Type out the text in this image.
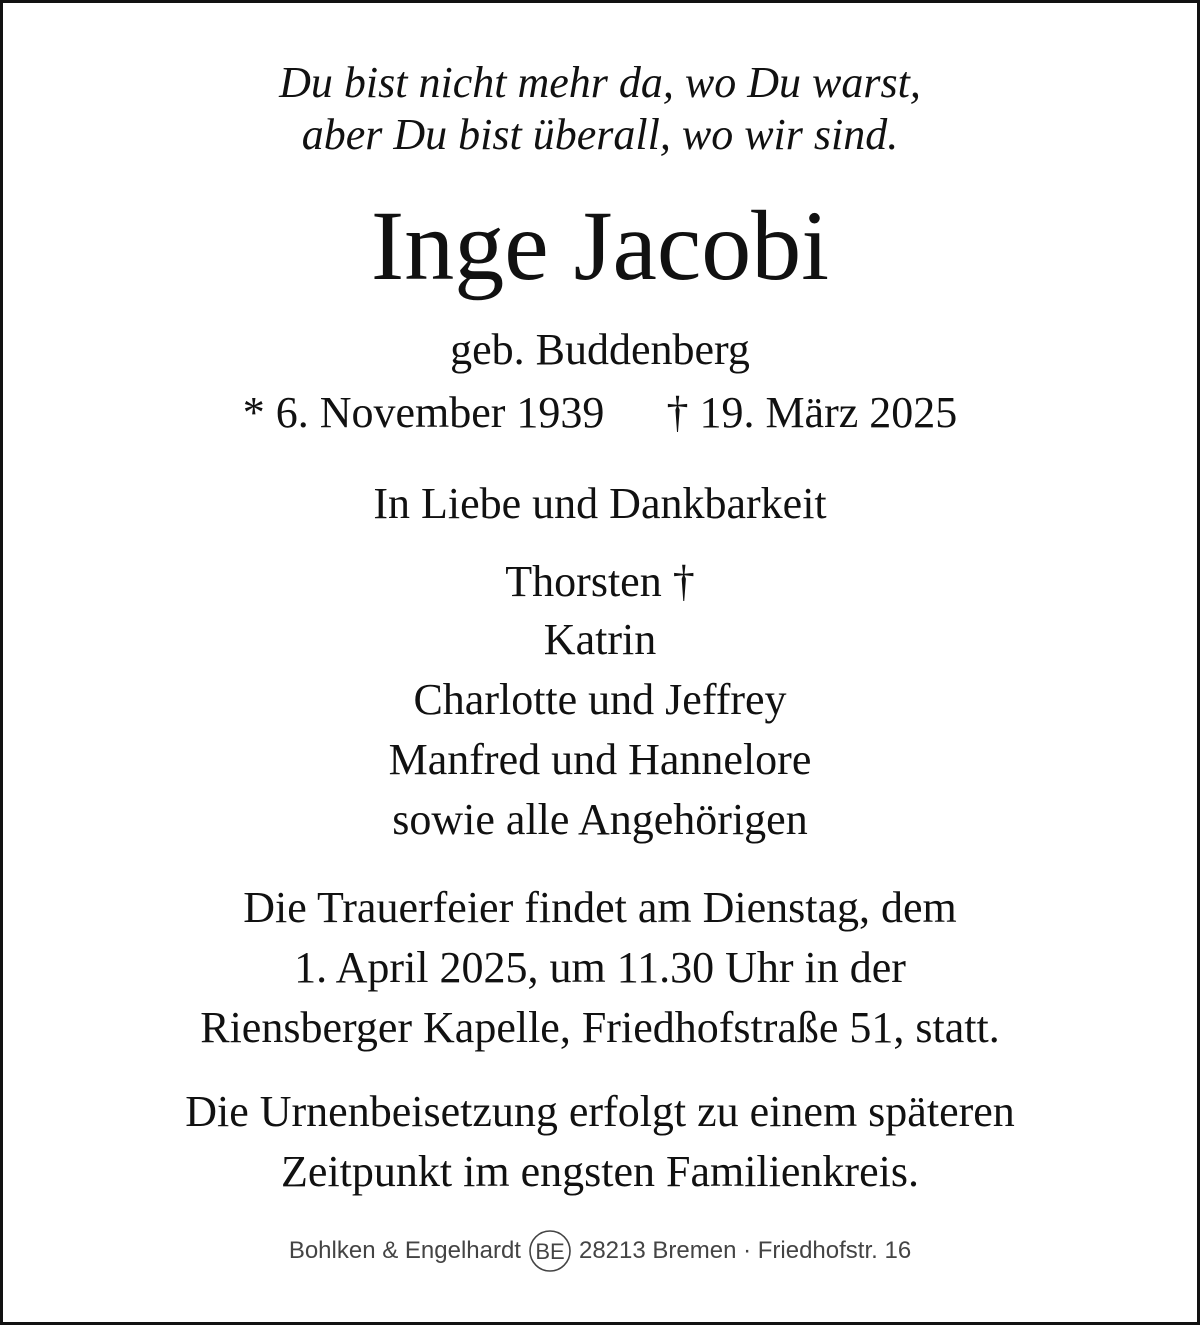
Du bist nicht mehr da, wo Du warst,
aber Du bist überall, wo wir sind.
Inge Jacobi
geb. Buddenberg
* 6. November 1939 † 19. März 2025
In Liebe und Dankbarkeit
Thorsten †
Katrin
Charlotte und Jeffrey
Manfred und Hannelore
sowie alle Angehörigen
Die Trauerfeier findet am Dienstag, dem
1. April 2025, um 11.30 Uhr in der
Riensberger Kapelle, Friedhofstraße 51, statt.
Die Urnenbeisetzung erfolgt zu einem späteren
Zeitpunkt im engsten Familienkreis.
Bohlken & Engelhardt BE 28213 Bremen · Friedhofstr. 16
